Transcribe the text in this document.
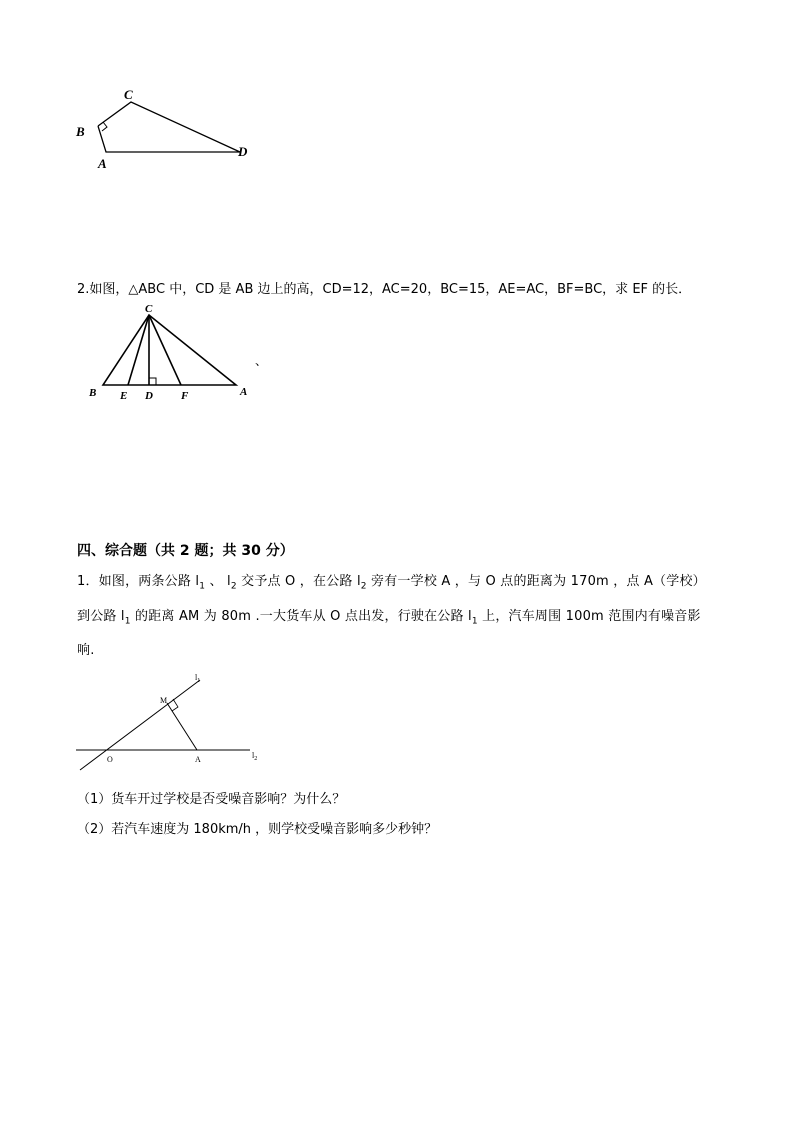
C
B
A
D
2.如图，△ABC 中，CD 是 AB 边上的高，CD=12，AC=20，BC=15，AE=AC，BF=BC，求 EF 的长．
C
B E D	F	A
、
四、综合题（共 2 题；共 30 分）
1．如图，两条公路 $l_1$ 、 $l_2$ 交予点 O ，在公路 $l_2$ 旁有一学校 A ，与 O 点的距离为 170m ，点 A（学校）到公路 $l_1$ 的距离 AM 为 80m .一大货车从 O 点出发，行驶在公路 $l_1$ 上，汽车周围 100m 范围内有噪音影响.
$l_1$
$l_2$
M
O	A
（1）货车开过学校是否受噪音影响？为什么？
（2）若汽车速度为 180km/h ，则学校受噪音影响多少秒钟？
